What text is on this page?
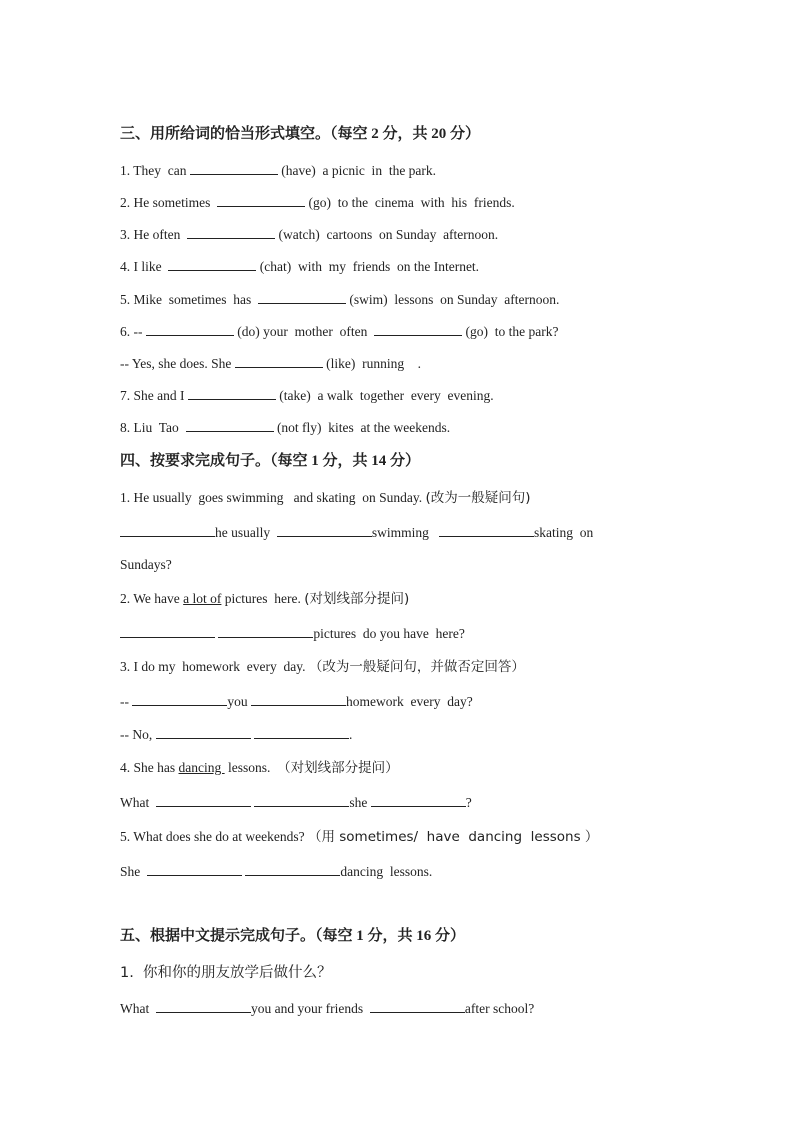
三、用所给词的恰当形式填空。（每空 2 分，共 20 分）
1. They  can	(have)  a picnic  in  the park.
2. He sometimes	(go)  to the  cinema  with  his  friends.
3. He often	(watch)  cartoons  on Sunday  afternoon.
4. I like	(chat)  with  my  friends  on the Internet.
5. Mike  sometimes  has	(swim)  lessons  on Sunday  afternoon.
6. --	(do) your  mother  often	(go)  to the park?
-- Yes, she does. She	(like)  running    .
7. She and I	(take)  a walk  together  every  evening.
8. Liu  Tao	(not fly)  kites  at the weekends.
四、按要求完成句子。（每空 1 分，共 14 分）
1. He usually  goes swimming   and skating  on Sunday. (改为一般疑问句)
he usually	swimming	skating  on
Sundays?
2. We have a lot of pictures  here. (对划线部分提问)
pictures  do you have  here?
3. I do my  homework  every  day. （改为一般疑问句，并做否定回答）
--	you	homework  every  day?
-- No,	.
4. She has dancing  lessons.  （对划线部分提问）
What	she	?
5. What does she do at weekends? （用 sometimes/  have  dancing  lessons ）
She	dancing  lessons.
五、根据中文提示完成句子。（每空 1 分，共 16 分）
1.  你和你的朋友放学后做什么？
What	you and your friends	after school?
